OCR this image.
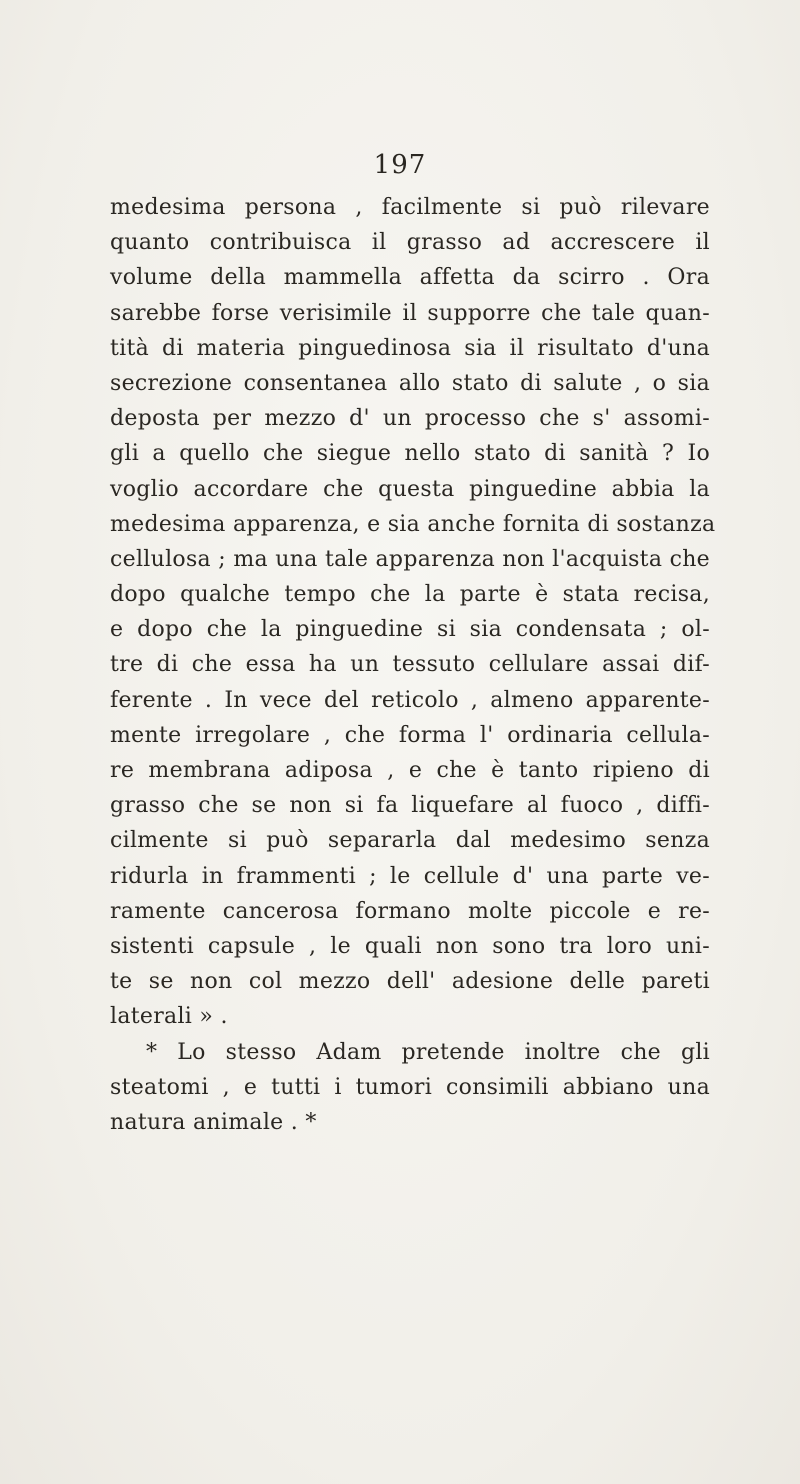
197
medesima persona , facilmente si può rilevare
quanto contribuisca il grasso ad accrescere il
volume della mammella affetta da scirro . Ora
sarebbe forse verisimile il supporre che tale quan-
tità di materia pinguedinosa sia il risultato d'una
secrezione consentanea allo stato di salute , o sia
deposta per mezzo d' un processo che s' assomi-
gli a quello che siegue nello stato di sanità ? Io
voglio accordare che questa pinguedine abbia la
medesima apparenza, e sia anche fornita di sostanza
cellulosa ; ma una tale apparenza non l'acquista che
dopo qualche tempo che la parte è stata recisa,
e dopo che la pinguedine si sia condensata ; ol-
tre di che essa ha un tessuto cellulare assai dif-
ferente . In vece del reticolo , almeno apparente-
mente irregolare , che forma l' ordinaria cellula-
re membrana adiposa , e che è tanto ripieno di
grasso che se non si fa liquefare al fuoco , diffi-
cilmente si può separarla dal medesimo senza
ridurla in frammenti ; le cellule d' una parte ve-
ramente cancerosa formano molte piccole e re-
sistenti capsule , le quali non sono tra loro uni-
te se non col mezzo dell' adesione delle pareti
laterali » .
* Lo stesso Adam pretende inoltre che gli
steatomi , e tutti i tumori consimili abbiano una
natura animale . *
